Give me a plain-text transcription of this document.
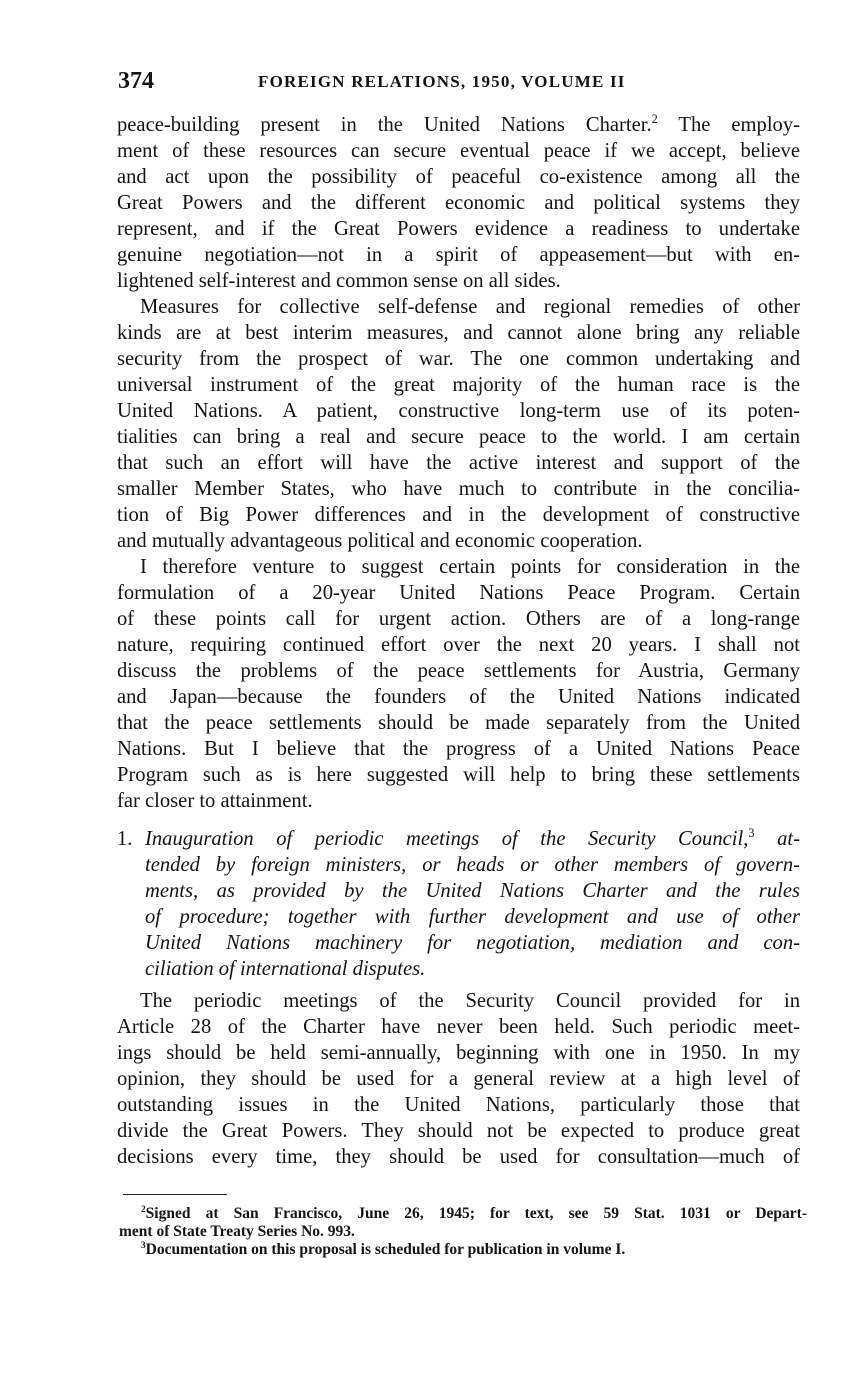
374	FOREIGN RELATIONS, 1950, VOLUME II
peace-building present in the United Nations Charter.$^2$ The employ-
ment of these resources can secure eventual peace if we accept, believe
and act upon the possibility of peaceful co-existence among all the
Great Powers and the different economic and political systems they
represent, and if the Great Powers evidence a readiness to undertake
genuine negotiation—not in a spirit of appeasement—but with en-
lightened self-interest and common sense on all sides.
Measures for collective self-defense and regional remedies of other
kinds are at best interim measures, and cannot alone bring any reliable
security from the prospect of war. The one common undertaking and
universal instrument of the great majority of the human race is the
United Nations. A patient, constructive long-term use of its poten-
tialities can bring a real and secure peace to the world. I am certain
that such an effort will have the active interest and support of the
smaller Member States, who have much to contribute in the concilia-
tion of Big Power differences and in the development of constructive
and mutually advantageous political and economic cooperation.
I therefore venture to suggest certain points for consideration in the
formulation of a 20-year United Nations Peace Program. Certain
of these points call for urgent action. Others are of a long-range
nature, requiring continued effort over the next 20 years. I shall not
discuss the problems of the peace settlements for Austria, Germany
and Japan—because the founders of the United Nations indicated
that the peace settlements should be made separately from the United
Nations. But I believe that the progress of a United Nations Peace
Program such as is here suggested will help to bring these settlements
far closer to attainment.
1. Inauguration of periodic meetings of the Security Council,$^3$ at-
tended by foreign ministers, or heads or other members of govern-
ments, as provided by the United Nations Charter and the rules
of procedure; together with further development and use of other
United Nations machinery for negotiation, mediation and con-
ciliation of international disputes.
The periodic meetings of the Security Council provided for in
Article 28 of the Charter have never been held. Such periodic meet-
ings should be held semi-annually, beginning with one in 1950. In my
opinion, they should be used for a general review at a high level of
outstanding issues in the United Nations, particularly those that
divide the Great Powers. They should not be expected to produce great
decisions every time, they should be used for consultation—much of
$^2$Signed at San Francisco, June 26, 1945; for text, see 59 Stat. 1031 or Depart-
ment of State Treaty Series No. 993.
$^3$Documentation on this proposal is scheduled for publication in volume I.
